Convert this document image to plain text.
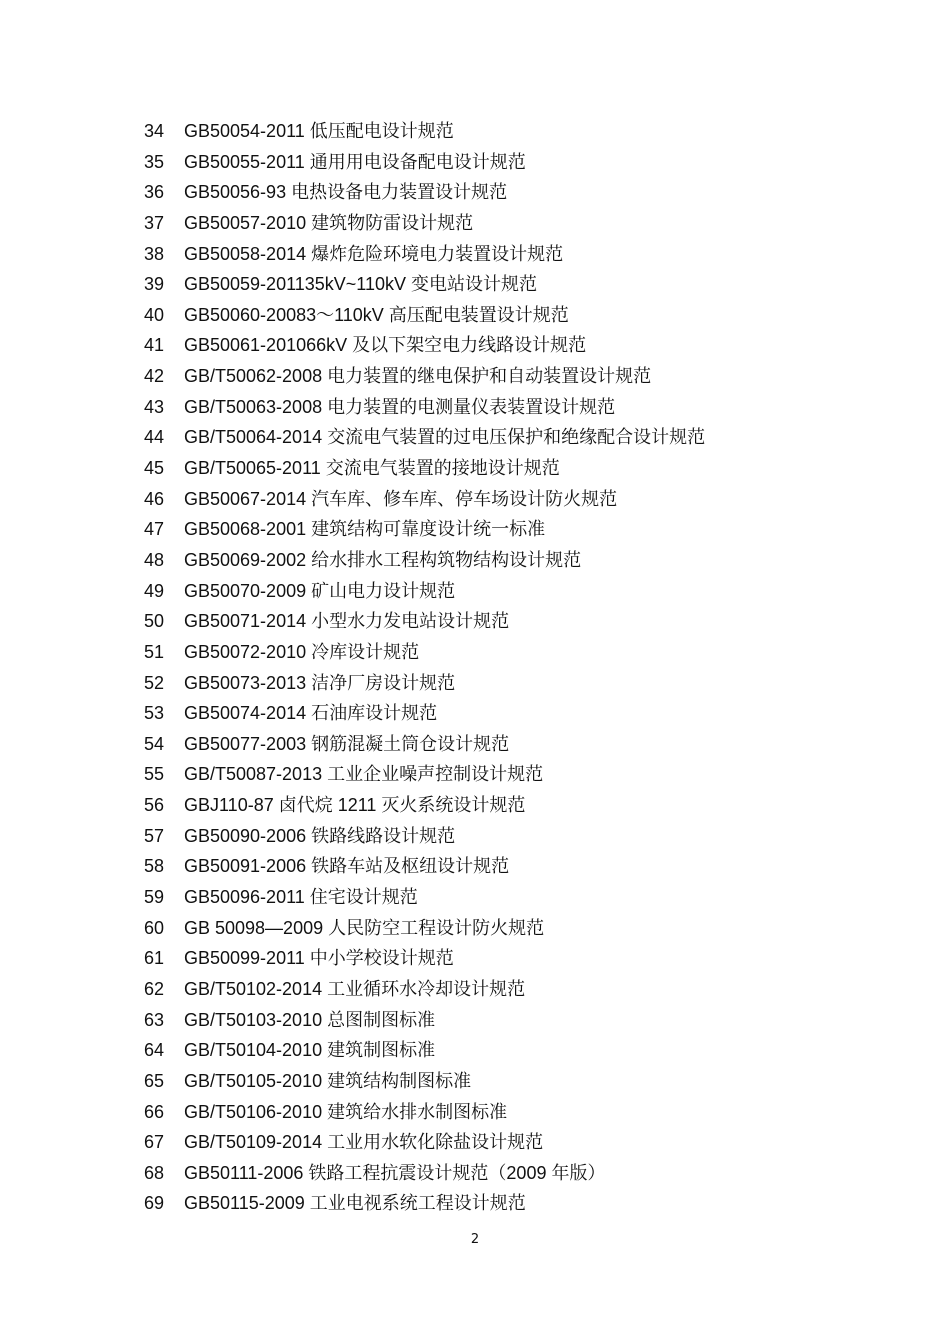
34	GB50054-2011 低压配电设计规范
35	GB50055-2011 通用用电设备配电设计规范
36	GB50056-93 电热设备电力装置设计规范
37	GB50057-2010 建筑物防雷设计规范
38	GB50058-2014 爆炸危险环境电力装置设计规范
39	GB50059-201135kV~110kV 变电站设计规范
40	GB50060-20083～110kV 高压配电装置设计规范
41	GB50061-201066kV 及以下架空电力线路设计规范
42	GB/T50062-2008 电力装置的继电保护和自动装置设计规范
43	GB/T50063-2008 电力装置的电测量仪表装置设计规范
44	GB/T50064-2014 交流电气装置的过电压保护和绝缘配合设计规范
45	GB/T50065-2011 交流电气装置的接地设计规范
46	GB50067-2014 汽车库、修车库、停车场设计防火规范
47	GB50068-2001 建筑结构可靠度设计统一标准
48	GB50069-2002 给水排水工程构筑物结构设计规范
49	GB50070-2009 矿山电力设计规范
50	GB50071-2014 小型水力发电站设计规范
51	GB50072-2010 冷库设计规范
52	GB50073-2013 洁净厂房设计规范
53	GB50074-2014 石油库设计规范
54	GB50077-2003 钢筋混凝土筒仓设计规范
55	GB/T50087-2013 工业企业噪声控制设计规范
56	GBJ110-87 卤代烷 1211 灭火系统设计规范
57	GB50090-2006 铁路线路设计规范
58	GB50091-2006 铁路车站及枢纽设计规范
59	GB50096-2011 住宅设计规范
60	GB 50098—2009 人民防空工程设计防火规范
61	GB50099-2011 中小学校设计规范
62	GB/T50102-2014 工业循环水冷却设计规范
63	GB/T50103-2010 总图制图标准
64	GB/T50104-2010 建筑制图标准
65	GB/T50105-2010 建筑结构制图标准
66	GB/T50106-2010 建筑给水排水制图标准
67	GB/T50109-2014 工业用水软化除盐设计规范
68	GB50111-2006 铁路工程抗震设计规范（2009 年版）
69	GB50115-2009 工业电视系统工程设计规范
2
